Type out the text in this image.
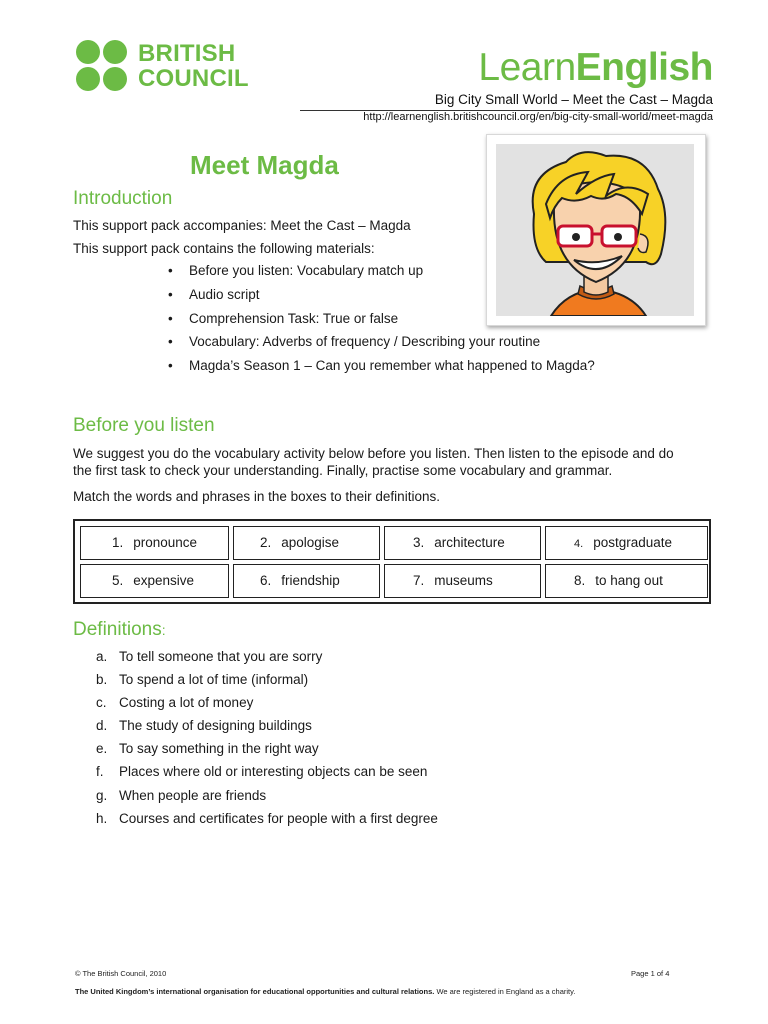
BRITISH
COUNCIL	LearnEnglish
Big City Small World – Meet the Cast – Magda
http://learnenglish.britishcouncil.org/en/big-city-small-world/meet-magda
Meet Magda
Introduction
This support pack accompanies: Meet the Cast – Magda
This support pack contains the following materials:
• Before you listen: Vocabulary match up
• Audio script
• Comprehension Task: True or false
• Vocabulary: Adverbs of frequency / Describing your routine
• Magda’s Season 1 – Can you remember what happened to Magda?
Before you listen
We suggest you do the vocabulary activity below before you listen. Then listen to the episode and do
the first task to check your understanding. Finally, practise some vocabulary and grammar.
Match the words and phrases in the boxes to their definitions.
1. pronounce	2. apologise	3. architecture	4. postgraduate
5. expensive	6. friendship	7. museums	8. to hang out
Definitions:
a. To tell someone that you are sorry
b. To spend a lot of time (informal)
c. Costing a lot of money
d. The study of designing buildings
e. To say something in the right way
f. Places where old or interesting objects can be seen
g. When people are friends
h. Courses and certificates for people with a first degree
© The British Council, 2010	Page 1 of 4
The United Kingdom’s international organisation for educational opportunities and cultural relations. We are registered in England as a charity.
